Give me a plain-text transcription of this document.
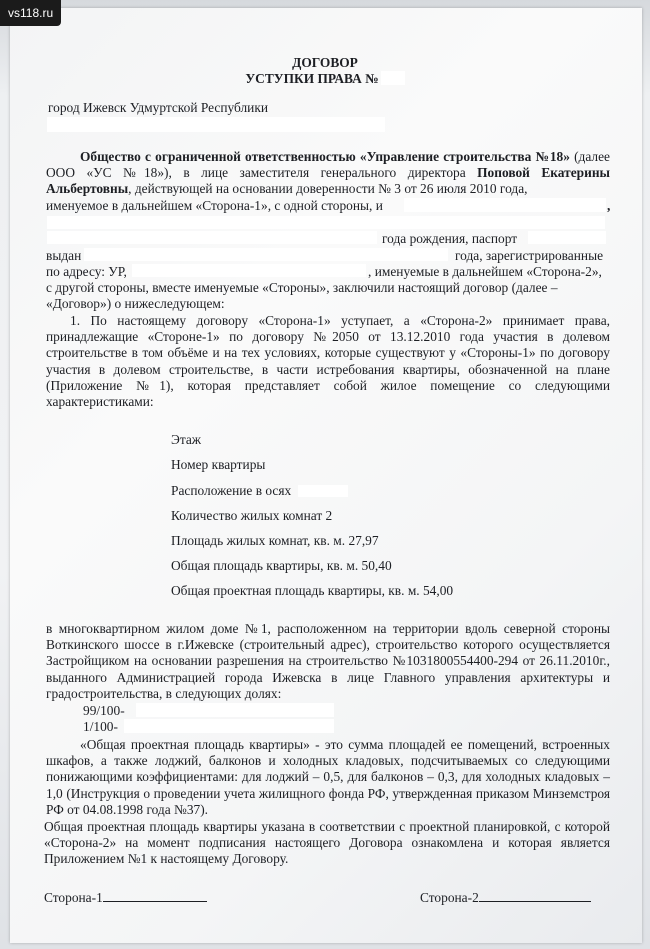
vs118.ru
ДОГОВОР
УСТУПКИ ПРАВА №
город Ижевск Удмуртской Республики

Общество с ограниченной ответственностью «Управление строительства №18» (далее ООО «УС №18»), в лице заместителя генерального директора Поповой Екатерины Альбертовны, действующей на основании доверенности № 3 от 26 июля 2010 года,

именуемое в дальнейшем «Сторона-1», с одной стороны, и	,
года рождения, паспорт
выдан	года, зарегистрированные
по адресу: УР,	, именуемые в дальнейшем «Сторона-2»,
с другой стороны, вместе именуемые «Стороны», заключили настоящий договор (далее –
«Договор») о нижеследующем:
1. По настоящему договору «Сторона-1» уступает, а «Сторона-2» принимает права, принадлежащие «Стороне-1» по договору №2050 от 13.12.2010 года участия в долевом строительстве в том объёме и на тех условиях, которые существуют у «Стороны-1» по договору участия в долевом строительстве, в части истребования квартиры, обозначенной на плане (Приложение №1), которая представляет собой жилое помещение со следующими характеристиками:
Этаж
Номер квартиры
Расположение в осях
Количество жилых комнат 2
Площадь жилых комнат, кв. м. 27,97
Общая площадь квартиры, кв. м. 50,40
Общая проектная площадь квартиры, кв. м. 54,00
в многоквартирном жилом доме №1, расположенном на территории вдоль северной стороны Воткинского шоссе в г.Ижевске (строительный адрес), строительство которого осуществляется Застройщиком на основании разрешения на строительство №1031800554400-294 от 26.11.2010г., выданного Администрацией города Ижевска в лице Главного управления архитектуры и градостроительства, в следующих долях:
99/100-
1/100-
«Общая проектная площадь квартиры» - это сумма площадей ее помещений, встроенных шкафов, а также лоджий, балконов и холодных кладовых, подсчитываемых со следующими понижающими коэффициентами: для лоджий – 0,5, для балконов – 0,3, для холодных кладовых – 1,0 (Инструкция о проведении учета жилищного фонда РФ, утвержденная приказом Минземстроя РФ от 04.08.1998 года №37).
Общая проектная площадь квартиры указана в соответствии с проектной планировкой, с которой «Сторона-2» на момент подписания настоящего Договора ознакомлена и которая является Приложением №1 к настоящему Договору.
Сторона-1	Сторона-2
